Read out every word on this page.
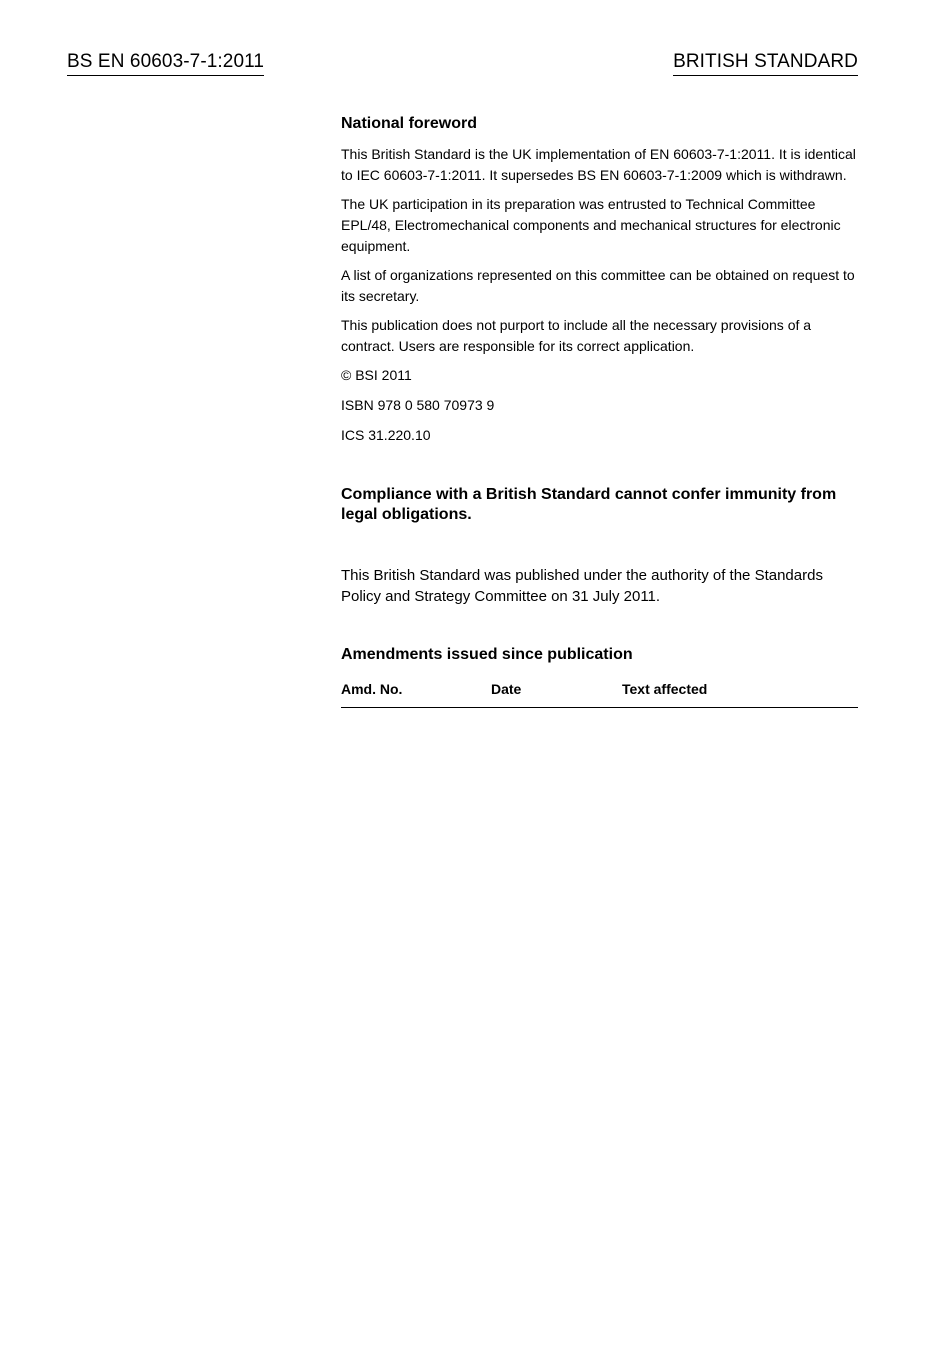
BS EN 60603-7-1:2011	BRITISH STANDARD
National foreword

This British Standard is the UK implementation of EN 60603-7-1:2011. It is identical to IEC 60603-7-1:2011. It supersedes BS EN 60603-7-1:2009 which is withdrawn.

The UK participation in its preparation was entrusted to Technical Committee EPL/48, Electromechanical components and mechanical structures for electronic equipment.

A list of organizations represented on this committee can be obtained on request to its secretary.

This publication does not purport to include all the necessary provisions of a contract. Users are responsible for its correct application.

© BSI 2011

ISBN 978 0 580 70973 9

ICS 31.220.10

Compliance with a British Standard cannot confer immunity from legal obligations.
This British Standard was published under the authority of the Standards Policy and Strategy Committee on 31 July 2011.
Amendments issued since publication
Amd. No.	Date	Text affected
